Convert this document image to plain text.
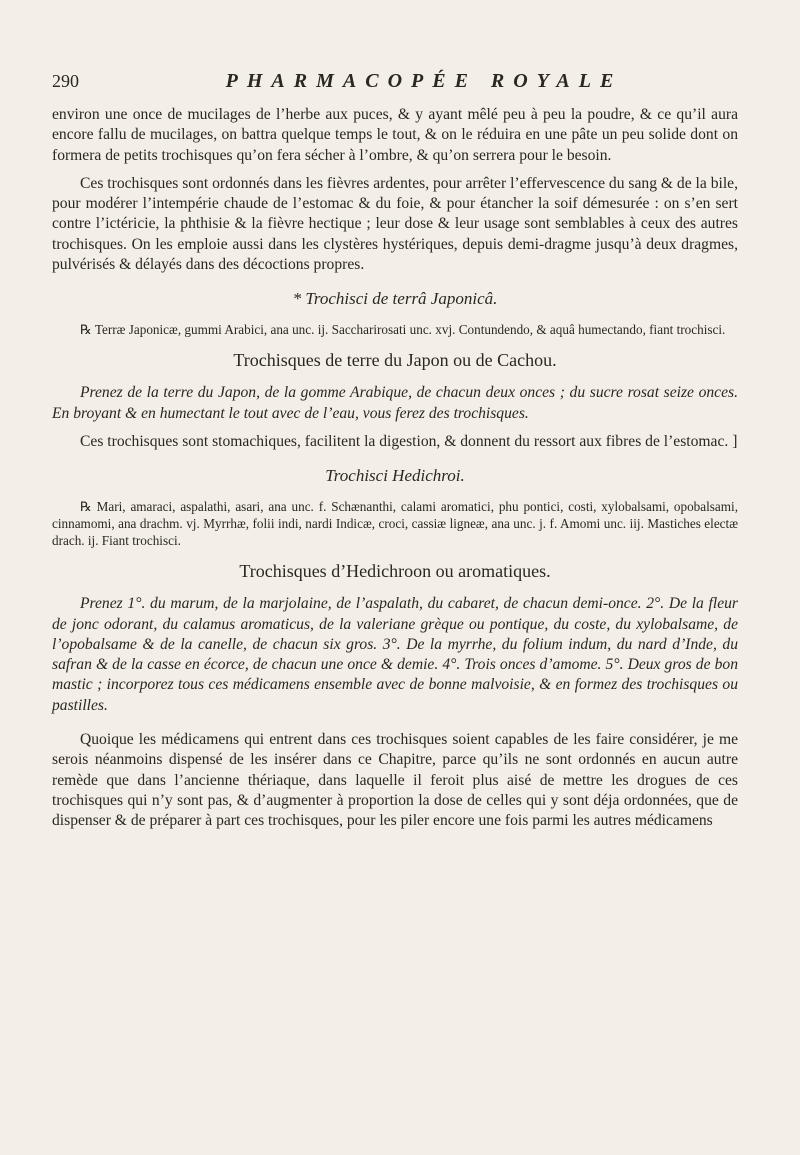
290	PHARMACOPÉE ROYALE

environ une once de mucilages de l’herbe aux puces, & y ayant mêlé peu à peu la poudre, & ce qu’il aura encore fallu de mucilages, on battra quelque temps le tout, & on le réduira en une pâte un peu solide dont on formera de petits trochisques qu’on fera sécher à l’ombre, & qu’on serrera pour le besoin.

Ces trochisques sont ordonnés dans les fièvres ardentes, pour arrêter l’effervescence du sang & de la bile, pour modérer l’intempérie chaude de l’estomac & du foie, & pour étancher la soif démesurée : on s’en sert contre l’ictéricie, la phthisie & la fièvre hectique ; leur dose & leur usage sont semblables à ceux des autres trochisques. On les emploie aussi dans les clystères hystériques, depuis demi-dragme jusqu’à deux dragmes, pulvérisés & délayés dans des décoctions propres.

* Trochisci de terrâ Japonicâ.

℞ Terræ Japonicæ, gummi Arabici, ana unc. ij. Saccharirosati unc. xvj. Contundendo, & aquâ humectando, fiant trochisci.

Trochisques de terre du Japon ou de Cachou.

Prenez de la terre du Japon, de la gomme Arabique, de chacun deux onces ; du sucre rosat seize onces. En broyant & en humectant le tout avec de l’eau, vous ferez des trochisques.

Ces trochisques sont stomachiques, facilitent la digestion, & donnent du ressort aux fibres de l’estomac. ]

Trochisci Hedichroi.

℞ Mari, amaraci, aspalathi, asari, ana unc. f. Schænanthi, calami aromatici, phu pontici, costi, xylobalsami, opobalsami, cinnamomi, ana drachm. vj. Myrrhæ, folii indi, nardi Indicæ, croci, cassiæ ligneæ, ana unc. j. f. Amomi unc. iij. Mastiches electæ drach. ij. Fiant trochisci.

Trochisques d’Hedichroon ou aromatiques.

Prenez 1°. du marum, de la marjolaine, de l’aspalath, du cabaret, de chacun demi-once. 2°. De la fleur de jonc odorant, du calamus aromaticus, de la valeriane grèque ou pontique, du coste, du xylobalsame, de l’opobalsame & de la canelle, de chacun six gros. 3°. De la myrrhe, du folium indum, du nard d’Inde, du safran & de la casse en écorce, de chacun une once & demie. 4°. Trois onces d’amome. 5°. Deux gros de bon mastic ; incorporez tous ces médicamens ensemble avec de bonne malvoisie, & en formez des trochisques ou pastilles.

Quoique les médicamens qui entrent dans ces trochisques soient capables de les faire considérer, je me serois néanmoins dispensé de les insérer dans ce Chapitre, parce qu’ils ne sont ordonnés en aucun autre remède que dans l’ancienne thériaque, dans laquelle il feroit plus aisé de mettre les drogues de ces trochisques qui n’y sont pas, & d’augmenter à proportion la dose de celles qui y sont déja ordonnées, que de dispenser & de préparer à part ces trochisques, pour les piler encore une fois parmi les autres médicamens
